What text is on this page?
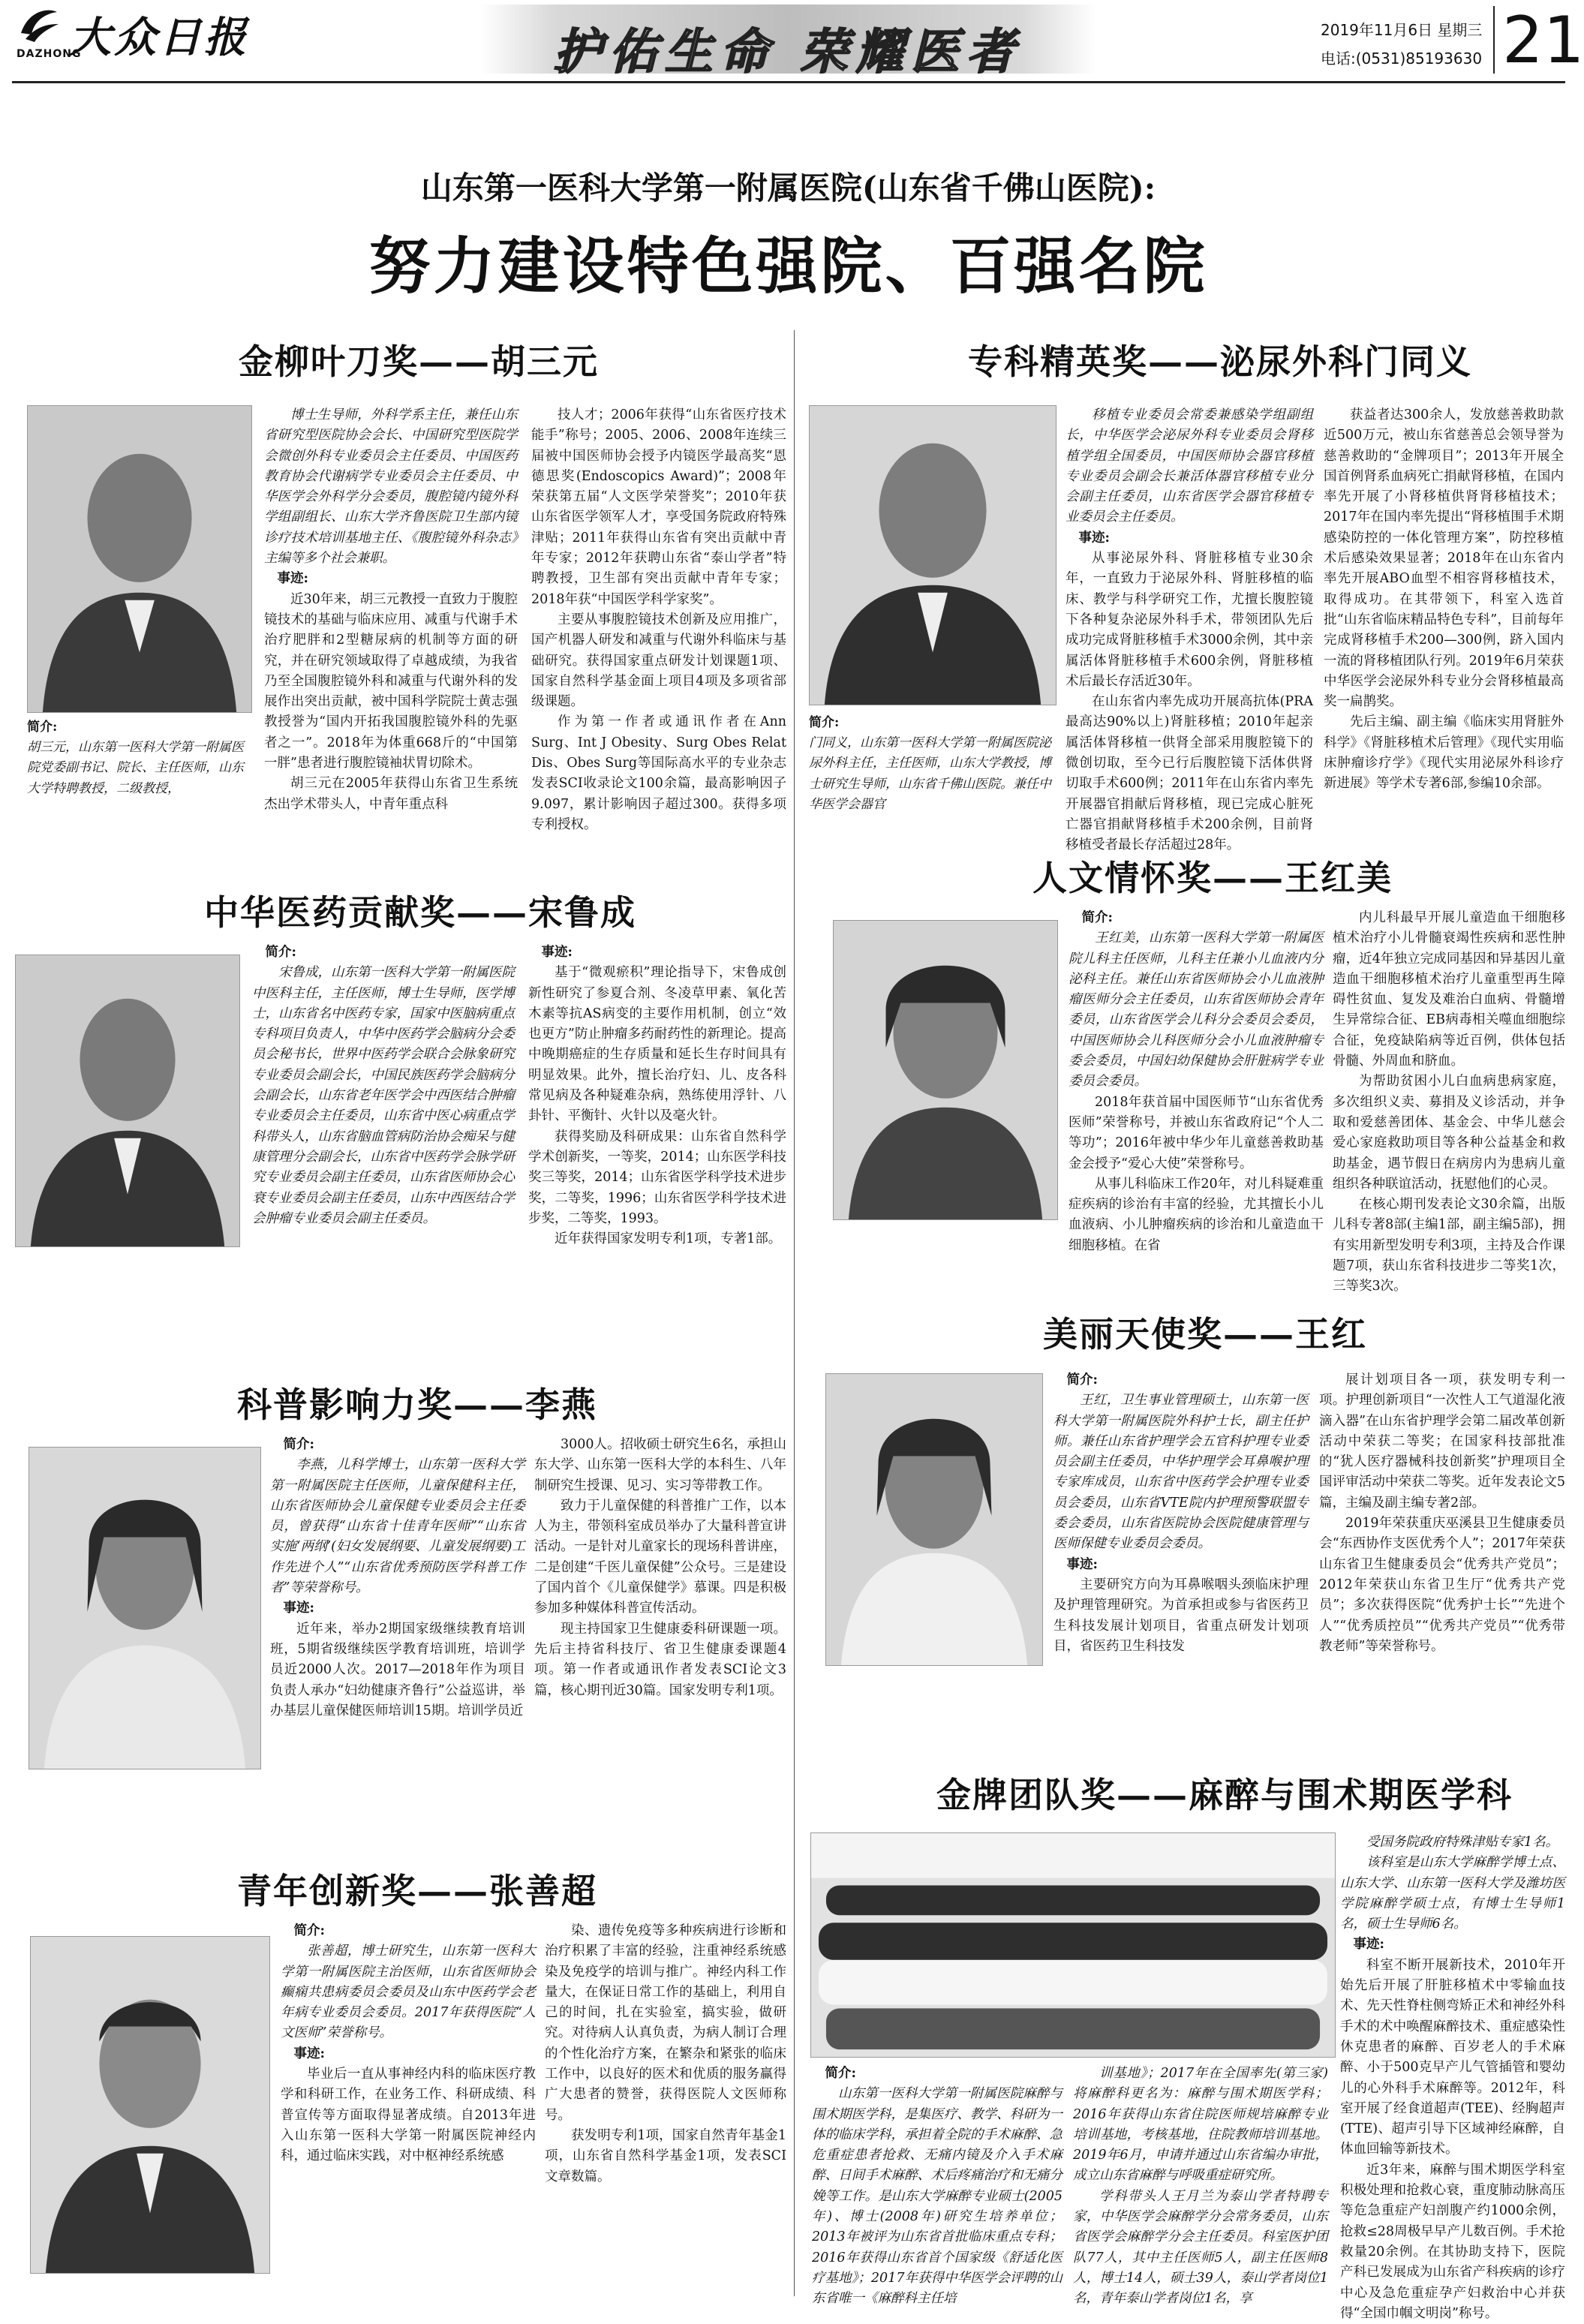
DAZHONG
大众日报	护佑生命 荣耀医者	2019年11月6日 星期三
电话:(0531)85193630 21
山东第一医科大学第一附属医院(山东省千佛山医院):
努力建设特色强院、百强名院
金柳叶刀奖——胡三元
简介:
胡三元，山东第一医科大学第一附属医院党委副书记、院长、主任医师，山东大学特聘教授，二级教授，

博士生导师，外科学系主任，兼任山东省研究型医院协会会长、中国研究型医院学会微创外科专业委员会主任委员、中国医药教育协会代谢病学专业委员会主任委员、中华医学会外科学分会委员，腹腔镜内镜外科学组副组长、山东大学齐鲁医院卫生部内镜诊疗技术培训基地主任、《腹腔镜外科杂志》主编等多个社会兼职。

事迹:

近30年来，胡三元教授一直致力于腹腔镜技术的基础与临床应用、减重与代谢手术治疗肥胖和2型糖尿病的机制等方面的研究，并在研究领域取得了卓越成绩，为我省乃至全国腹腔镜外科和减重与代谢外科的发展作出突出贡献，被中国科学院院士黄志强教授誉为“国内开拓我国腹腔镜外科的先驱者之一”。2018年为体重668斤的“中国第一胖”患者进行腹腔镜袖状胃切除术。

胡三元在2005年获得山东省卫生系统杰出学术带头人，中青年重点科

技人才；2006年获得“山东省医疗技术能手”称号；2005、2006、2008年连续三届被中国医师协会授予内镜医学最高奖“恩德思奖(Endoscopics Award)”；2008年荣获第五届“人文医学荣誉奖”；2010年获山东省医学领军人才，享受国务院政府特殊津贴；2011年获得山东省有突出贡献中青年专家；2012年获聘山东省“泰山学者”特聘教授，卫生部有突出贡献中青年专家；2018年获“中国医学科学家奖”。

主要从事腹腔镜技术创新及应用推广，国产机器人研发和减重与代谢外科临床与基础研究。获得国家重点研发计划课题1项、国家自然科学基金面上项目4项及多项省部级课题。

作为第一作者或通讯作者在Ann Surg、Int J Obesity、Surg Obes Relat Dis、Obes Surg等国际高水平的专业杂志发表SCI收录论文100余篇，最高影响因子9.097，累计影响因子超过300。获得多项专利授权。

专科精英奖——泌尿外科门同义
简介:
门同义，山东第一医科大学第一附属医院泌尿外科主任，主任医师，山东大学教授，博士研究生导师，山东省千佛山医院。兼任中华医学会器官

移植专业委员会常委兼感染学组副组长，中华医学会泌尿外科专业委员会肾移植学组全国委员，中国医师协会器官移植专业委员会副会长兼活体器官移植专业分会副主任委员，山东省医学会器官移植专业委员会主任委员。

事迹:

从事泌尿外科、肾脏移植专业30余年，一直致力于泌尿外科、肾脏移植的临床、教学与科学研究工作，尤擅长腹腔镜下各种复杂泌尿外科手术，带领团队先后成功完成肾脏移植手术3000余例，其中亲属活体肾脏移植手术600余例，肾脏移植术后最长存活近30年。

在山东省内率先成功开展高抗体(PRA最高达90%以上)肾脏移植；2010年起亲属活体肾移植一供肾全部采用腹腔镜下的微创切取，至今已行后腹腔镜下活体供肾切取手术600例；2011年在山东省内率先开展器官捐献后肾移植，现已完成心脏死亡器官捐献肾移植手术200余例，目前肾移植受者最长存活超过28年。

获益者达300余人，发放慈善救助款近500万元，被山东省慈善总会领导誉为慈善救助的“金牌项目”；2013年开展全国首例肾系血病死亡捐献肾移植，在国内率先开展了小肾移植供肾肾移植技术；2017年在国内率先提出“肾移植围手术期感染防控的一体化管理方案”，防控移植术后感染效果显著；2018年在山东省内率先开展ABO血型不相容肾移植技术，取得成功。在其带领下，科室入选首批“山东省临床精品特色专科”，目前每年完成肾移植手术200—300例，跻入国内一流的肾移植团队行列。2019年6月荣获中华医学会泌尿外科专业分会肾移植最高奖一扁鹊奖。

先后主编、副主编《临床实用肾脏外科学》《肾脏移植术后管理》《现代实用临床肿瘤诊疗学》《现代实用泌尿外科诊疗新进展》等学术专著6部,参编10余部。

中华医药贡献奖——宋鲁成

简介:

宋鲁成，山东第一医科大学第一附属医院中医科主任，主任医师，博士生导师，医学博士，山东省名中医药专家，国家中医脑病重点专科项目负责人，中华中医药学会脑病分会委员会秘书长，世界中医药学会联合会脉象研究专业委员会副会长，中国民族医药学会脑病分会副会长，山东省老年医学会中西医结合肿瘤专业委员会主任委员，山东省中医心病重点学科带头人，山东省脑血管病防治协会痴呆与健康管理分会副会长，山东省中医药学会脉学研究专业委员会副主任委员，山东省医师协会心衰专业委员会副主任委员，山东中西医结合学会肿瘤专业委员会副主任委员。

事迹:

基于“微观瘀积”理论指导下，宋鲁成创新性研究了参夏合剂、冬凌草甲素、氧化苦木素等抗AS病变的主要作用机制，创立“效也更方”防止肿瘤多药耐药性的新理论。提高中晚期癌症的生存质量和延长生存时间具有明显效果。此外，擅长治疗妇、儿、皮各科常见病及各种疑难杂病，熟练使用浮针、八卦针、平衡针、火针以及毫火针。

获得奖励及科研成果：山东省自然科学学术创新奖，一等奖，2014；山东医学科技奖三等奖，2014；山东省医学科学技术进步奖，二等奖，1996；山东省医学科学技术进步奖，二等奖，1993。

近年获得国家发明专利1项，专著1部。

人文情怀奖——王红美

简介:

王红美，山东第一医科大学第一附属医院儿科主任医师，儿科主任兼小儿血液内分泌科主任。兼任山东省医师协会小儿血液肿瘤医师分会主任委员，山东省医师协会青年委员，山东省医学会儿科分会委员会委员，中国医师协会儿科医师分会小儿血液肿瘤专委会委员，中国妇幼保健协会肝脏病学专业委员会委员。

2018年获首届中国医师节“山东省优秀医师”荣誉称号，并被山东省政府记“个人二等功”；2016年被中华少年儿童慈善救助基金会授予“爱心大使”荣誉称号。

从事儿科临床工作20年，对儿科疑难重症疾病的诊治有丰富的经验，尤其擅长小儿血液病、小儿肿瘤疾病的诊治和儿童造血干细胞移植。在省

内儿科最早开展儿童造血干细胞移植术治疗小儿骨髓衰竭性疾病和恶性肿瘤，近4年独立完成同基因和异基因儿童造血干细胞移植术治疗儿童重型再生障碍性贫血、复发及难治白血病、骨髓增生异常综合征、EB病毒相关噬血细胞综合征，免疫缺陷病等近百例，供体包括骨髓、外周血和脐血。

为帮助贫困小儿白血病患病家庭，多次组织义卖、募捐及义诊活动，并争取和爱慈善团体、基金会、中华儿慈会爱心家庭救助项目等各种公益基金和救助基金，遇节假日在病房内为患病儿童组织各种联谊活动，抚慰他们的心灵。

在核心期刊发表论文30余篇，出版儿科专著8部(主编1部，副主编5部)，拥有实用新型发明专利3项，主持及合作课题7项，获山东省科技进步二等奖1次，三等奖3次。

科普影响力奖——李燕

简介:

李燕，儿科学博士，山东第一医科大学第一附属医院主任医师，儿童保健科主任，山东省医师协会儿童保健专业委员会主任委员，曾获得“山东省十佳青年医师”“山东省实施‘两纲’(妇女发展纲要、儿童发展纲要)工作先进个人”“山东省优秀预防医学科普工作者”等荣誉称号。

事迹:

近年来，举办2期国家级继续教育培训班，5期省级继续医学教育培训班，培训学员近2000人次。2017—2018年作为项目负责人承办“妇幼健康齐鲁行”公益巡讲，举办基层儿童保健医师培训15期。培训学员近

3000人。招收硕士研究生6名，承担山东大学、山东第一医科大学的本科生、八年制研究生授课、见习、实习等带教工作。

致力于儿童保健的科普推广工作，以本人为主，带领科室成员举办了大量科普宣讲活动。一是针对儿童家长的现场科普讲座，二是创建“千医儿童保健”公众号。三是建设了国内首个《儿童保健学》慕课。四是积极参加多种媒体科普宣传活动。

现主持国家卫生健康委科研课题一项。先后主持省科技厅、省卫生健康委课题4项。第一作者或通讯作者发表SCI论文3篇，核心期刊近30篇。国家发明专利1项。

美丽天使奖——王红

简介:

王红，卫生事业管理硕士，山东第一医科大学第一附属医院外科护士长，副主任护师。兼任山东省护理学会五官科护理专业委员会副主任委员，中华护理学会耳鼻喉护理专家库成员，山东省中医药学会护理专业委员会委员，山东省VTE院内护理预警联盟专委会委员，山东省医院协会医院健康管理与医师保健专业委员会委员。

事迹:

主要研究方向为耳鼻喉咽头颈临床护理及护理管理研究。为首承担或参与省医药卫生科技发展计划项目，省重点研发计划项目，省医药卫生科技发

展计划项目各一项，获发明专利一项。护理创新项目“一次性人工气道湿化液滴入器”在山东省护理学会第二届改革创新活动中荣获二等奖；在国家科技部批准的“犹人医疗器械科技创新奖”护理项目全国评审活动中荣获二等奖。近年发表论文5篇，主编及副主编专著2部。

2019年荣获重庆巫溪县卫生健康委员会“东西协作支医优秀个人”；2017年荣获山东省卫生健康委员会“优秀共产党员”；2012年荣获山东省卫生厅“优秀共产党员”；多次获得医院“优秀护士长”“先进个人”“优秀质控员”“优秀共产党员”“优秀带教老师”等荣誉称号。

青年创新奖——张善超

简介:

张善超，博士研究生，山东第一医科大学第一附属医院主治医师，山东省医师协会癫痫共患病委员会委员及山东中医药学会老年病专业委员会委员。2017年获得医院“人文医师”荣誉称号。

事迹:

毕业后一直从事神经内科的临床医疗教学和科研工作，在业务工作、科研成绩、科普宣传等方面取得显著成绩。自2013年进入山东第一医科大学第一附属医院神经内科，通过临床实践，对中枢神经系统感

染、遗传免疫等多种疾病进行诊断和治疗积累了丰富的经验，注重神经系统感染及免疫学的培训与推广。神经内科工作量大，在保证日常工作的基础上，利用自己的时间，扎在实验室，搞实验，做研究。对待病人认真负责，为病人制订合理的个性化治疗方案，在繁杂和紧张的临床工作中，以良好的医术和优质的服务赢得广大患者的赞誉，获得医院人文医师称号。

获发明专利1项，国家自然青年基金1项，山东省自然科学基金1项，发表SCI文章数篇。

金牌团队奖——麻醉与围术期医学科

简介:

山东第一医科大学第一附属医院麻醉与围术期医学科，是集医疗、教学、科研为一体的临床学科，承担着全院的手术麻醉、急危重症患者抢救、无痛内镜及介入手术麻醉、日间手术麻醉、术后疼痛治疗和无痛分娩等工作。是山东大学麻醉专业硕士(2005年)、博士(2008年)研究生培养单位；2013年被评为山东省首批临床重点专科；2016年获得山东省首个国家级《舒适化医疗基地》；2017年获得中华医学会评聘的山东省唯一《麻醉科主任培

训基地》；2017年在全国率先(第三家)将麻醉科更名为：麻醉与围术期医学科；2016年获得山东省住院医师规培麻醉专业培训基地，考核基地，住院教师培训基地。2019年6月，申请并通过山东省编办审批，成立山东省麻醉与呼吸重症研究所。

学科带头人王月兰为泰山学者特聘专家，中华医学会麻醉学分会常务委员，山东省医学会麻醉学分会主任委员。科室医护团队77人，其中主任医师5人，副主任医师8人，博士14人，硕士39人，泰山学者岗位1名，青年泰山学者岗位1名，享

受国务院政府特殊津贴专家1名。

该科室是山东大学麻醉学博士点、山东大学、山东第一医科大学及潍坊医学院麻醉学硕士点，有博士生导师1名，硕士生导师6名。

事迹:

科室不断开展新技术，2010年开始先后开展了肝脏移植术中零输血技术、先天性脊柱侧弯矫正术和神经外科手术的术中唤醒麻醉技术、重症感染性休克患者的麻醉、百岁老人的手术麻醉、小于500克早产儿气管插管和婴幼儿的心外科手术麻醉等。2012年，科室开展了经食道超声(TEE)、经胸超声(TTE)、超声引导下区域神经麻醉，自体血回输等新技术。

近3年来，麻醉与围术期医学科室积极处理和抢救心衰，重度肺动脉高压等危急重症产妇剖腹产约1000余例，抢救≤28周极早早产儿数百例。手术抢救量20余例。在其协助支持下，医院产科已发展成为山东省产科疾病的诊疗中心及急危重症孕产妇救治中心并获得“全国巾帼文明岗”称号。
